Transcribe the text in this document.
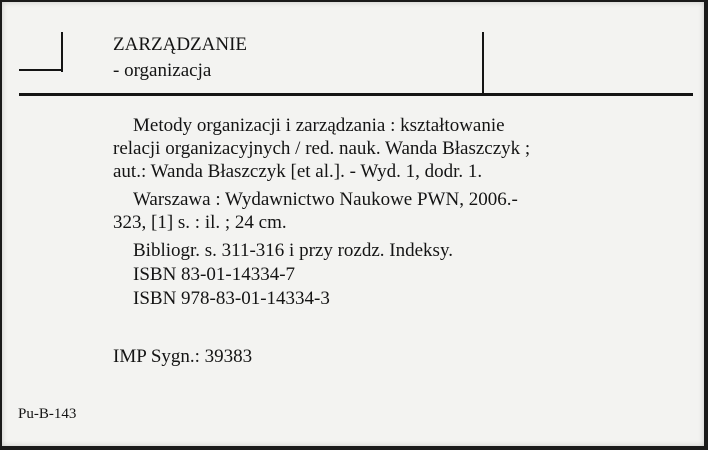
ZARZĄDZANIE
- organizacja
Metody organizacji i zarządzania : kształtowanie
relacji organizacyjnych / red. nauk. Wanda Błaszczyk ;
aut.: Wanda Błaszczyk [et al.]. - Wyd. 1, dodr. 1.
Warszawa : Wydawnictwo Naukowe PWN, 2006.-
323, [1] s. : il. ; 24 cm.
Bibliogr. s. 311-316 i przy rozdz. Indeksy.
ISBN 83-01-14334-7
ISBN 978-83-01-14334-3
IMP Sygn.: 39383
Pu-B-143
